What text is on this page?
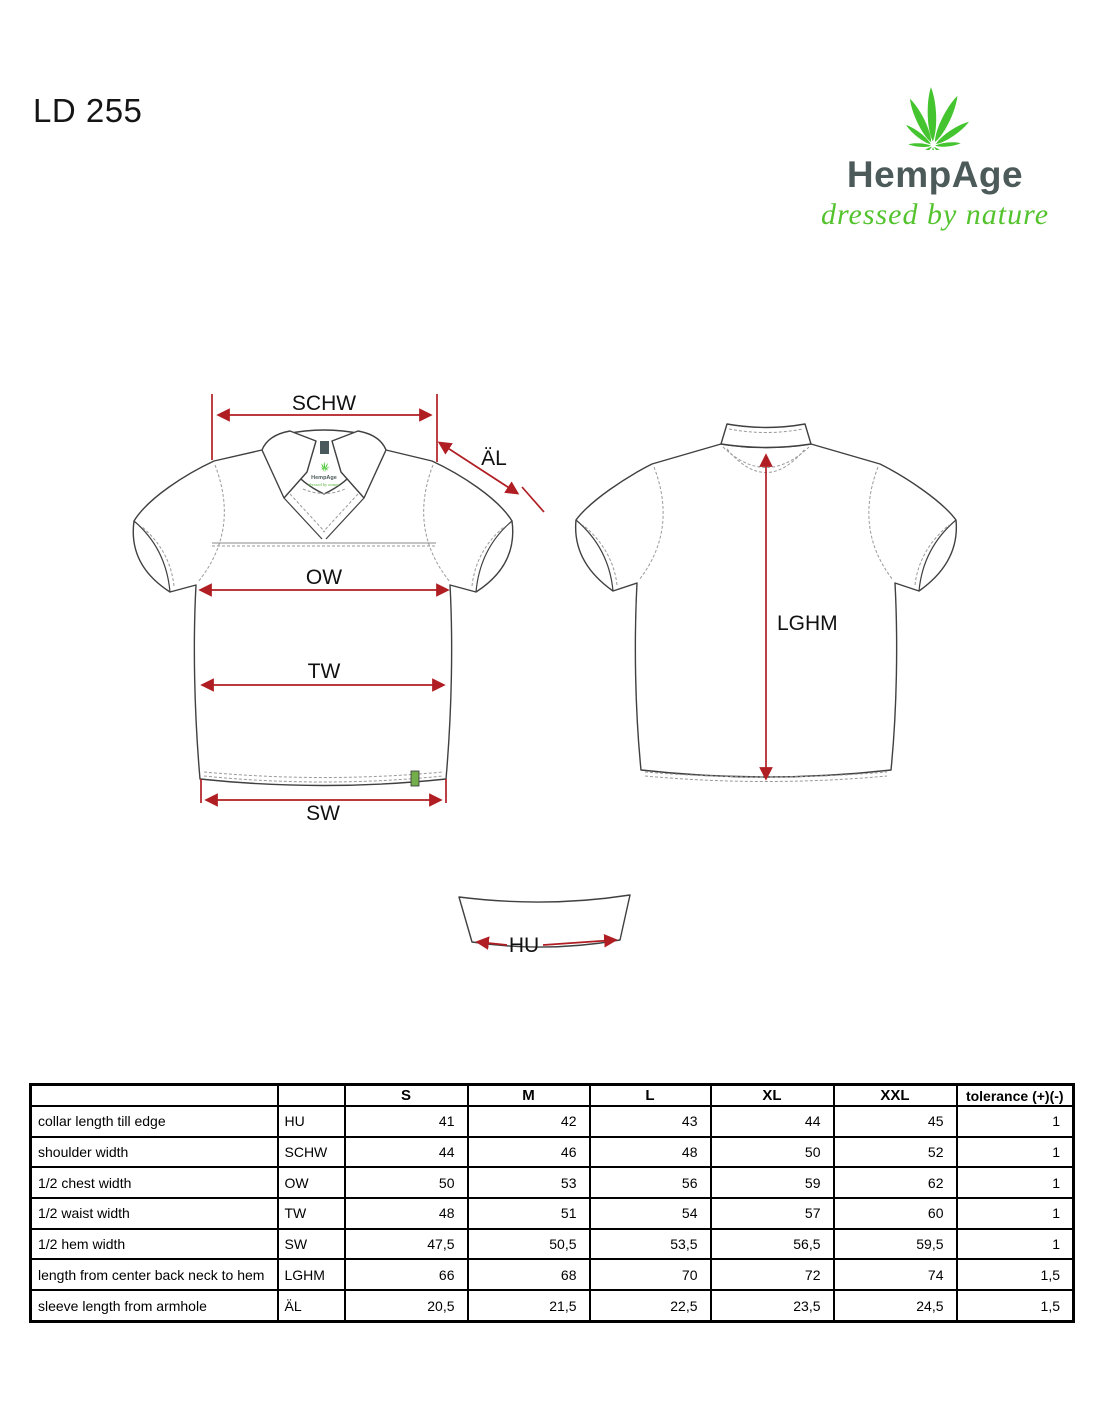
LD 255
HempAge
dressed by nature
HempAge
dressed by nature
SCHW
ÄL
OW
TW
SW
LGHM
HU
		S	M	L	XL	XXL	tolerance (+)(-)
collar length till edge	HU	41	42	43	44	45	1
shoulder width	SCHW	44	46	48	50	52	1
1/2 chest width	OW	50	53	56	59	62	1
1/2 waist width	TW	48	51	54	57	60	1
1/2 hem width	SW	47,5	50,5	53,5	56,5	59,5	1
length from center back neck to hem	LGHM	66	68	70	72	74	1,5
sleeve length from armhole	ÄL	20,5	21,5	22,5	23,5	24,5	1,5
